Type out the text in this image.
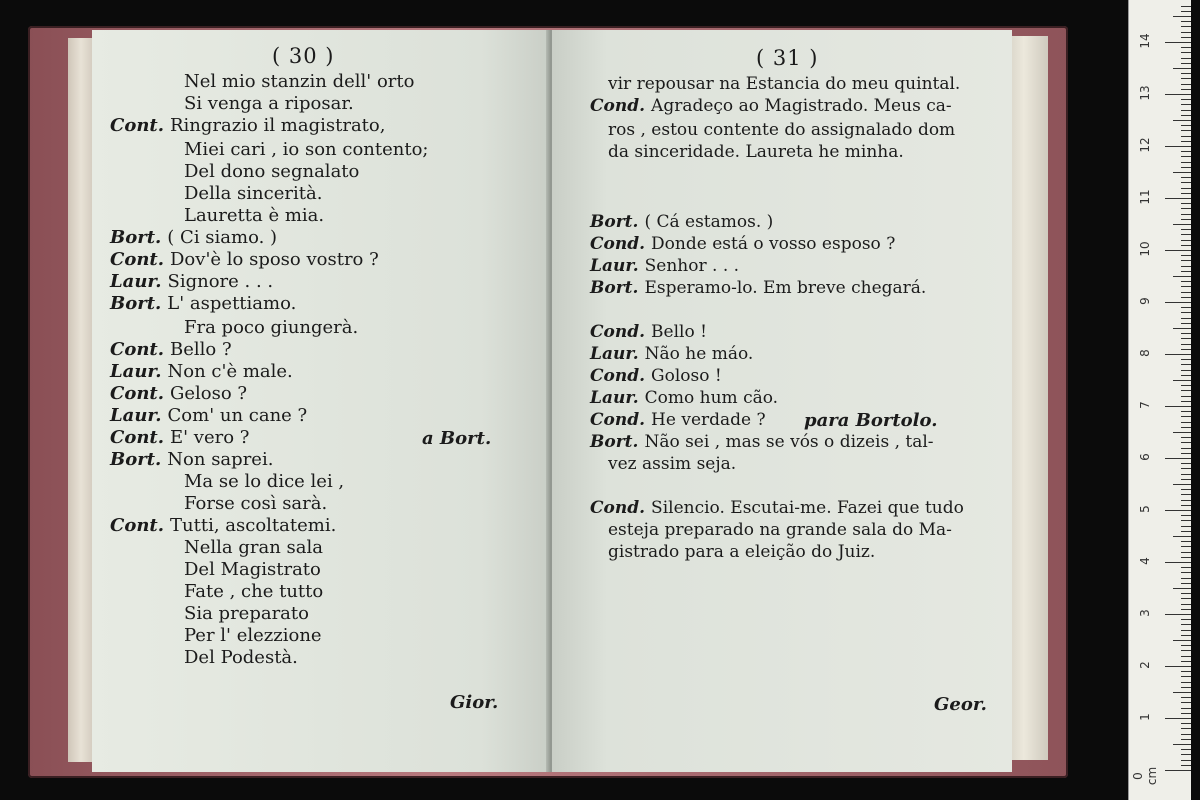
( 30 )
a Bort.
Gior.
Nel mio stanzin dell' orto
Si venga a riposar.
Cont. Ringrazio il magistrato,
Miei cari , io son contento;
Del dono segnalato
Della sincerità.
Lauretta è mia.
Bort. ( Ci siamo. )
Cont. Dov'è lo sposo vostro ?
Laur. Signore . . .
Bort. L' aspettiamo.
Fra poco giungerà.
Cont. Bello ?
Laur. Non c'è male.
Cont. Geloso ?
Laur. Com' un cane ?
Cont. E' vero ?
Bort. Non saprei.
Ma se lo dice lei ,
Forse così sarà.
Cont. Tutti, ascoltatemi.
Nella gran sala
Del Magistrato
Fate , che tutto
Sia preparato
Per l' elezzione
Del Podestà.
( 31 )
para Bortolo.
Geor.
vir repousar na Estancia do meu quintal.
Cond. Agradeço ao Magistrado. Meus ca-
ros , estou contente do assignalado dom
da sinceridade. Laureta he minha.
Bort. ( Cá estamos. )
Cond. Donde está o vosso esposo ?
Laur. Senhor . . .
Bort. Esperamo-lo. Em breve chegará.
Cond. Bello !
Laur. Não he máo.
Cond. Goloso !
Laur. Como hum cão.
Cond. He verdade ?
Bort. Não sei , mas se vós o dizeis , tal-
vez assim seja.
Cond. Silencio. Escutai-me. Fazei que tudo
esteja preparado na grande sala do Ma-
gistrado para a eleição do Juiz.
0 cm
1
2
3
4
5
6
7
8
9
10
11
12
13
14
